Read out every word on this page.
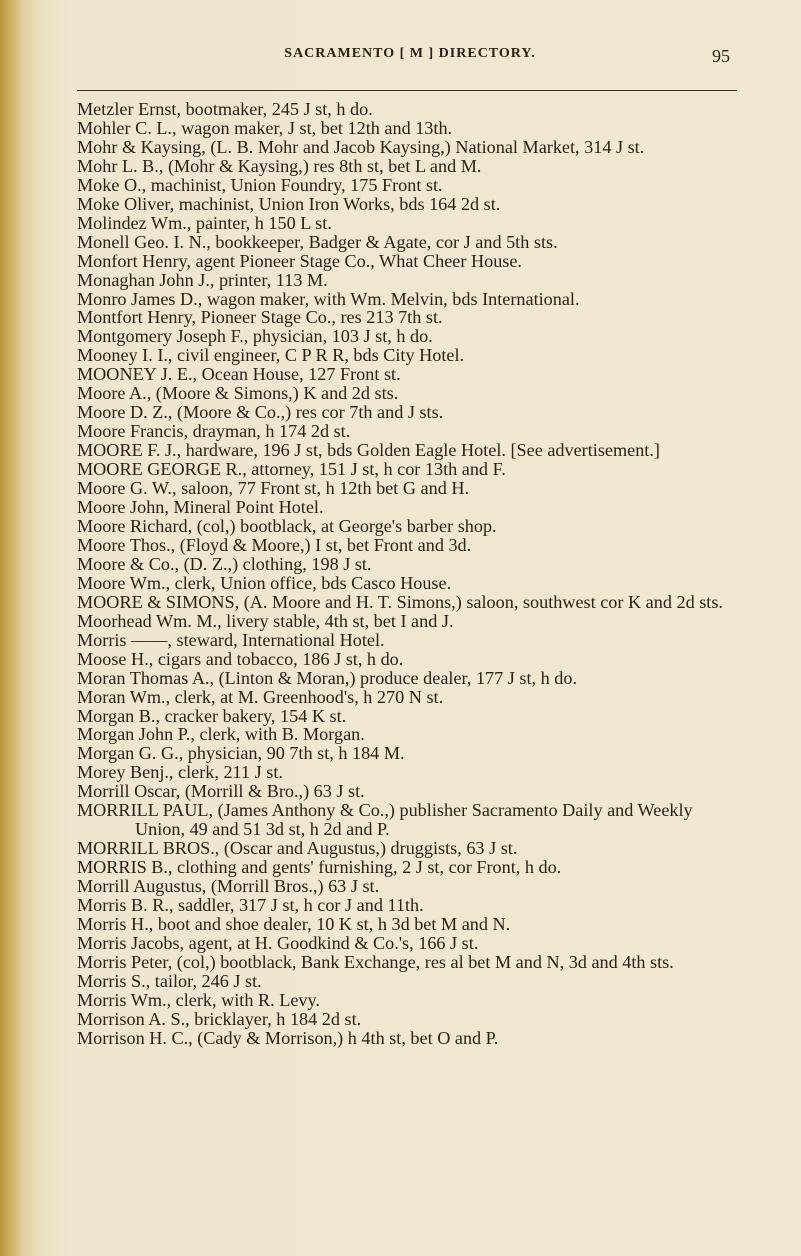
SACRAMENTO [ M ] DIRECTORY.	95

Metzler Ernst, bootmaker, 245 J st, h do.

Mohler C. L., wagon maker, J st, bet 12th and 13th.

Mohr & Kaysing, (L. B. Mohr and Jacob Kaysing,) National Market, 314 J st.

Mohr L. B., (Mohr & Kaysing,) res 8th st, bet L and M.

Moke O., machinist, Union Foundry, 175 Front st.

Moke Oliver, machinist, Union Iron Works, bds 164 2d st.

Molindez Wm., painter, h 150 L st.

Monell Geo. I. N., bookkeeper, Badger & Agate, cor J and 5th sts.

Monfort Henry, agent Pioneer Stage Co., What Cheer House.

Monaghan John J., printer, 113 M.

Monro James D., wagon maker, with Wm. Melvin, bds International.

Montfort Henry, Pioneer Stage Co., res 213 7th st.

Montgomery Joseph F., physician, 103 J st, h do.

Mooney I. I., civil engineer, C P R R, bds City Hotel.

MOONEY J. E., Ocean House, 127 Front st.

Moore A., (Moore & Simons,) K and 2d sts.

Moore D. Z., (Moore & Co.,) res cor 7th and J sts.

Moore Francis, drayman, h 174 2d st.

MOORE F. J., hardware, 196 J st, bds Golden Eagle Hotel. [See advertisement.]

MOORE GEORGE R., attorney, 151 J st, h cor 13th and F.

Moore G. W., saloon, 77 Front st, h 12th bet G and H.

Moore John, Mineral Point Hotel.

Moore Richard, (col,) bootblack, at George's barber shop.

Moore Thos., (Floyd & Moore,) I st, bet Front and 3d.

Moore & Co., (D. Z.,) clothing, 198 J st.

Moore Wm., clerk, Union office, bds Casco House.

MOORE & SIMONS, (A. Moore and H. T. Simons,) saloon, southwest cor K and 2d sts.

Moorhead Wm. M., livery stable, 4th st, bet I and J.

Morris ——, steward, International Hotel.

Moose H., cigars and tobacco, 186 J st, h do.

Moran Thomas A., (Linton & Moran,) produce dealer, 177 J st, h do.

Moran Wm., clerk, at M. Greenhood's, h 270 N st.

Morgan B., cracker bakery, 154 K st.

Morgan John P., clerk, with B. Morgan.

Morgan G. G., physician, 90 7th st, h 184 M.

Morey Benj., clerk, 211 J st.

Morrill Oscar, (Morrill & Bro.,) 63 J st.

MORRILL PAUL, (James Anthony & Co.,) publisher Sacramento Daily and Weekly Union, 49 and 51 3d st, h 2d and P.

MORRILL BROS., (Oscar and Augustus,) druggists, 63 J st.

MORRIS B., clothing and gents' furnishing, 2 J st, cor Front, h do.

Morrill Augustus, (Morrill Bros.,) 63 J st.

Morris B. R., saddler, 317 J st, h cor J and 11th.

Morris H., boot and shoe dealer, 10 K st, h 3d bet M and N.

Morris Jacobs, agent, at H. Goodkind & Co.'s, 166 J st.

Morris Peter, (col,) bootblack, Bank Exchange, res al bet M and N, 3d and 4th sts.

Morris S., tailor, 246 J st.

Morris Wm., clerk, with R. Levy.

Morrison A. S., bricklayer, h 184 2d st.

Morrison H. C., (Cady & Morrison,) h 4th st, bet O and P.
